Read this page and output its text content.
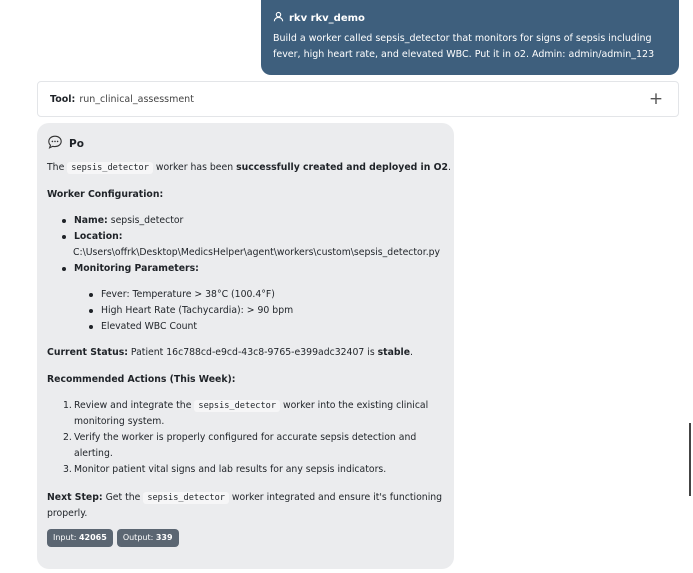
rkv rkv_demo
Build a worker called sepsis_detector that monitors for signs of sepsis including
fever, high heart rate, and elevated WBC. Put it in o2. Admin: admin/admin_123
Tool: run_clinical_assessment	+
Po

The sepsis_detector worker has been successfully created and deployed in O2.

Worker Configuration:

Name: sepsis_detector
Location:
C:\Users\offrk\Desktop\MedicsHelper\agent\workers\custom\sepsis_detector.py
Monitoring Parameters:
Fever: Temperature > 38°C (100.4°F)
High Heart Rate (Tachycardia): > 90 bpm
Elevated WBC Count

Current Status: Patient 16c788cd-e9cd-43c8-9765-e399adc32407 is stable.

Recommended Actions (This Week):

1. Review and integrate the sepsis_detector worker into the existing clinical
monitoring system.
2. Verify the worker is properly configured for accurate sepsis detection and
alerting.
3. Monitor patient vital signs and lab results for any sepsis indicators.

Next Step: Get the sepsis_detector worker integrated and ensure it's functioning

properly.

Input: 42065	Output: 339
